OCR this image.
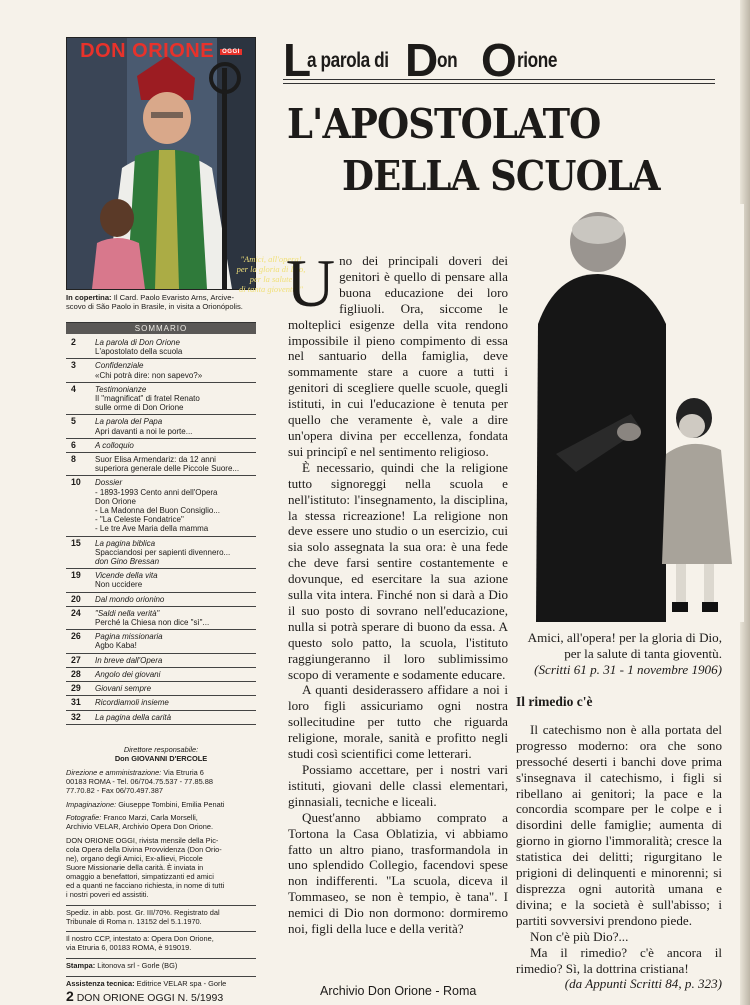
DON ORIONE OGGI
"Amici, all'opera!
per la gloria di Dio,
per la salute
di tanta gioventù!"
In copertina: Il Card. Paolo Evaristo Arns, Arcive-
scovo di São Paolo in Brasile, in visita a Orionópolis.
SOMMARIO
2	La parola di Don Orione
L'apostolato della scuola
3	Confidenziale
«Chi potrà dire: non sapevo?»
4	Testimonianze
Il "magnificat" di fratel Renato
sulle orme di Don Orione
5	La parola del Papa
Apri davanti a noi le porte...
6	A colloquio
8	Suor Elisa Armendariz: da 12 anni
superiora generale delle Piccole Suore...
10	Dossier
- 1893-1993 Cento anni dell'Opera
Don Orione
- La Madonna del Buon Consiglio...
- "La Celeste Fondatrice"
- Le tre Ave Maria della mamma
15	La pagina biblica
Spacciandosi per sapienti divennero...
don Gino Bressan
19	Vicende della vita
Non uccidere
20	Dal mondo orionino
24	"Saldi nella verità"
Perché la Chiesa non dice "sì"...
26	Pagina missionaria
Agbo Kaba!
27	In breve dall'Opera
28	Angolo dei giovani
29	Giovani sempre
31	Ricordiamoli insieme
32	La pagina della carità

Direttore responsabile:
Don GIOVANNI D'ERCOLE

Direzione e amministrazione: Via Etruria 6
00183 ROMA - Tel. 06/704.75.537 - 77.85.88
77.70.82 - Fax 06/70.497.387

Impaginazione: Giuseppe Tombini, Emilia Penati

Fotografie: Franco Marzi, Carla Morselli,
Archivio VELAR, Archivio Opera Don Orione.

DON ORIONE OGGI, rivista mensile della Pic-
cola Opera della Divina Provvidenza (Don Orio-
ne), organo degli Amici, Ex-allievi, Piccole
Suore Missionarie della carità. È inviata in
omaggio a benefattori, simpatizzanti ed amici
ed a quanti ne facciano richiesta, in nome di tutti
i nostri poveri ed assistiti.

Spediz. in abb. post. Gr. III/70%. Registrato dal
Tribunale di Roma n. 13152 del 5.1.1970.

Il nostro CCP, intestato a: Opera Don Orione,
via Etruria 6, 00183 ROMA, è 919019.

Stampa: Litonova srl - Gorle (BG)

Assistenza tecnica: Editrice VELAR spa - Gorle

2 DON ORIONE OGGI N. 5/1993	Archivio Don Orione - Roma
L
a parola di D
on O rione
L'APOSTOLATO
DELLA SCUOLA

Uno dei principali doveri dei genitori è quello di pensare alla buona educazione dei loro figliuoli. Ora, siccome le molteplici esigenze della vita rendono impossibile il pieno compimento di essa nel santuario della famiglia, deve sommamente stare a cuore a tutti i genitori di scegliere quelle scuole, quegli istituti, in cui l'educazione è tenuta per quello che veramente è, vale a dire un'opera divina per eccellenza, fondata sui principî e nel sentimento religioso.

È necessario, quindi che la religione tutto signoreggi nella scuola e nell'istituto: l'insegnamento, la disciplina, la stessa ricreazione! La religione non deve essere uno studio o un esercizio, cui sia solo assegnata la sua ora: è una fede che deve farsi sentire costantemente e dovunque, ed esercitare la sua azione sulla vita intera. Finché non si darà a Dio il suo posto di sovrano nell'educazione, nulla si potrà sperare di buono da essa. A questo solo patto, la scuola, l'istituto raggiungeranno il loro sublimissimo scopo di veramente e sodamente educare.

A quanti desiderassero affidare a noi i loro figli assicuriamo ogni nostra sollecitudine per tutto che riguarda religione, morale, sanità e profitto negli studi così scientifici come letterari.

Possiamo accettare, per i nostri vari istituti, giovani delle classi elementari, ginnasiali, tecniche e liceali.

Quest'anno abbiamo comprato a Tortona la Casa Oblatizia, vi abbiamo fatto un altro piano, trasformandola in uno splendido Collegio, facendovi spese non indifferenti. "La scuola, diceva il Tommaseo, se non è tempio, è tana". I nemici di Dio non dormono: dormiremo noi, figli della luce e della verità?

Amici, all'opera! per la gloria di Dio, per la salute di tanta gioventù.
(Scritti 61 p. 31 - 1 novembre 1906)

Il rimedio c'è

Il catechismo non è alla portata del progresso moderno: ora che sono pressoché deserti i banchi dove prima s'insegnava il catechismo, i figli si ribellano ai genitori; la pace e la concordia scompare per le colpe e i disordini delle famiglie; aumenta di giorno in giorno l'immoralità; cresce la statistica dei delitti; rigurgitano le prigioni di delinquenti e minorenni; si disprezza ogni autorità umana e divina; e la società è sull'abisso; i partiti sovversivi prendono piede.

Non c'è più Dio?...

Ma il rimedio? c'è ancora il rimedio? Sì, la dottrina cristiana!

(da Appunti Scritti 84, p. 323)
